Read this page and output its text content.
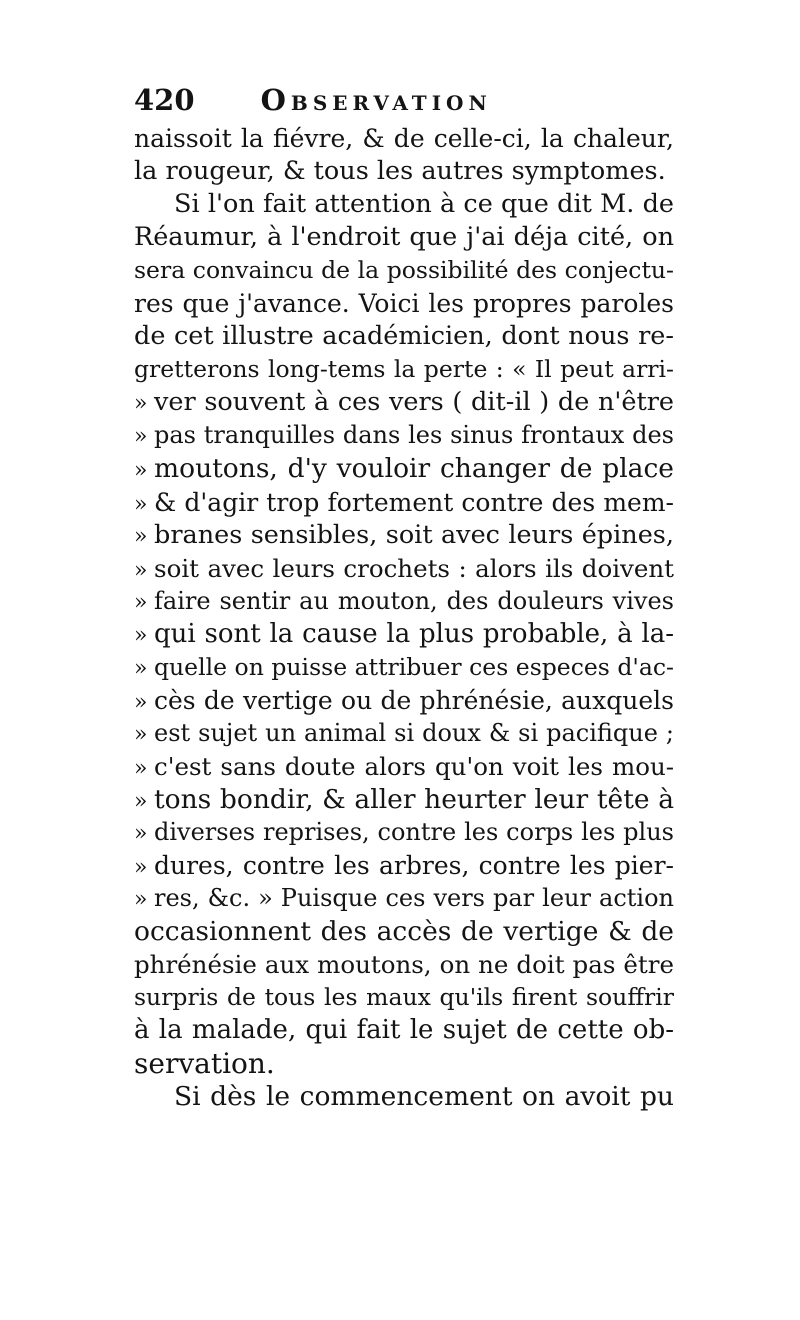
420 Observation
naissoit la fiévre, & de celle-ci, la chaleur,
la rougeur, & tous les autres symptomes.
Si l'on fait attention à ce que dit M. de
Réaumur, à l'endroit que j'ai déja cité, on
sera convaincu de la possibilité des conjectu-
res que j'avance. Voici les propres paroles
de cet illustre académicien, dont nous re-
gretterons long-tems la perte : « Il peut arri-
» ver souvent à ces vers ( dit-il ) de n'être
» pas tranquilles dans les sinus frontaux des
» moutons, d'y vouloir changer de place
» & d'agir trop fortement contre des mem-
» branes sensibles, soit avec leurs épines,
» soit avec leurs crochets : alors ils doivent
» faire sentir au mouton, des douleurs vives
» qui sont la cause la plus probable, à la-
» quelle on puisse attribuer ces especes d'ac-
» cès de vertige ou de phrénésie, auxquels
» est sujet un animal si doux & si pacifique ;
» c'est sans doute alors qu'on voit les mou-
» tons bondir, & aller heurter leur tête à
» diverses reprises, contre les corps les plus
» dures, contre les arbres, contre les pier-
» res, &c. » Puisque ces vers par leur action
occasionnent des accès de vertige & de
phrénésie aux moutons, on ne doit pas être
surpris de tous les maux qu'ils firent souffrir
à la malade, qui fait le sujet de cette ob-
servation.
Si dès le commencement on avoit pu
